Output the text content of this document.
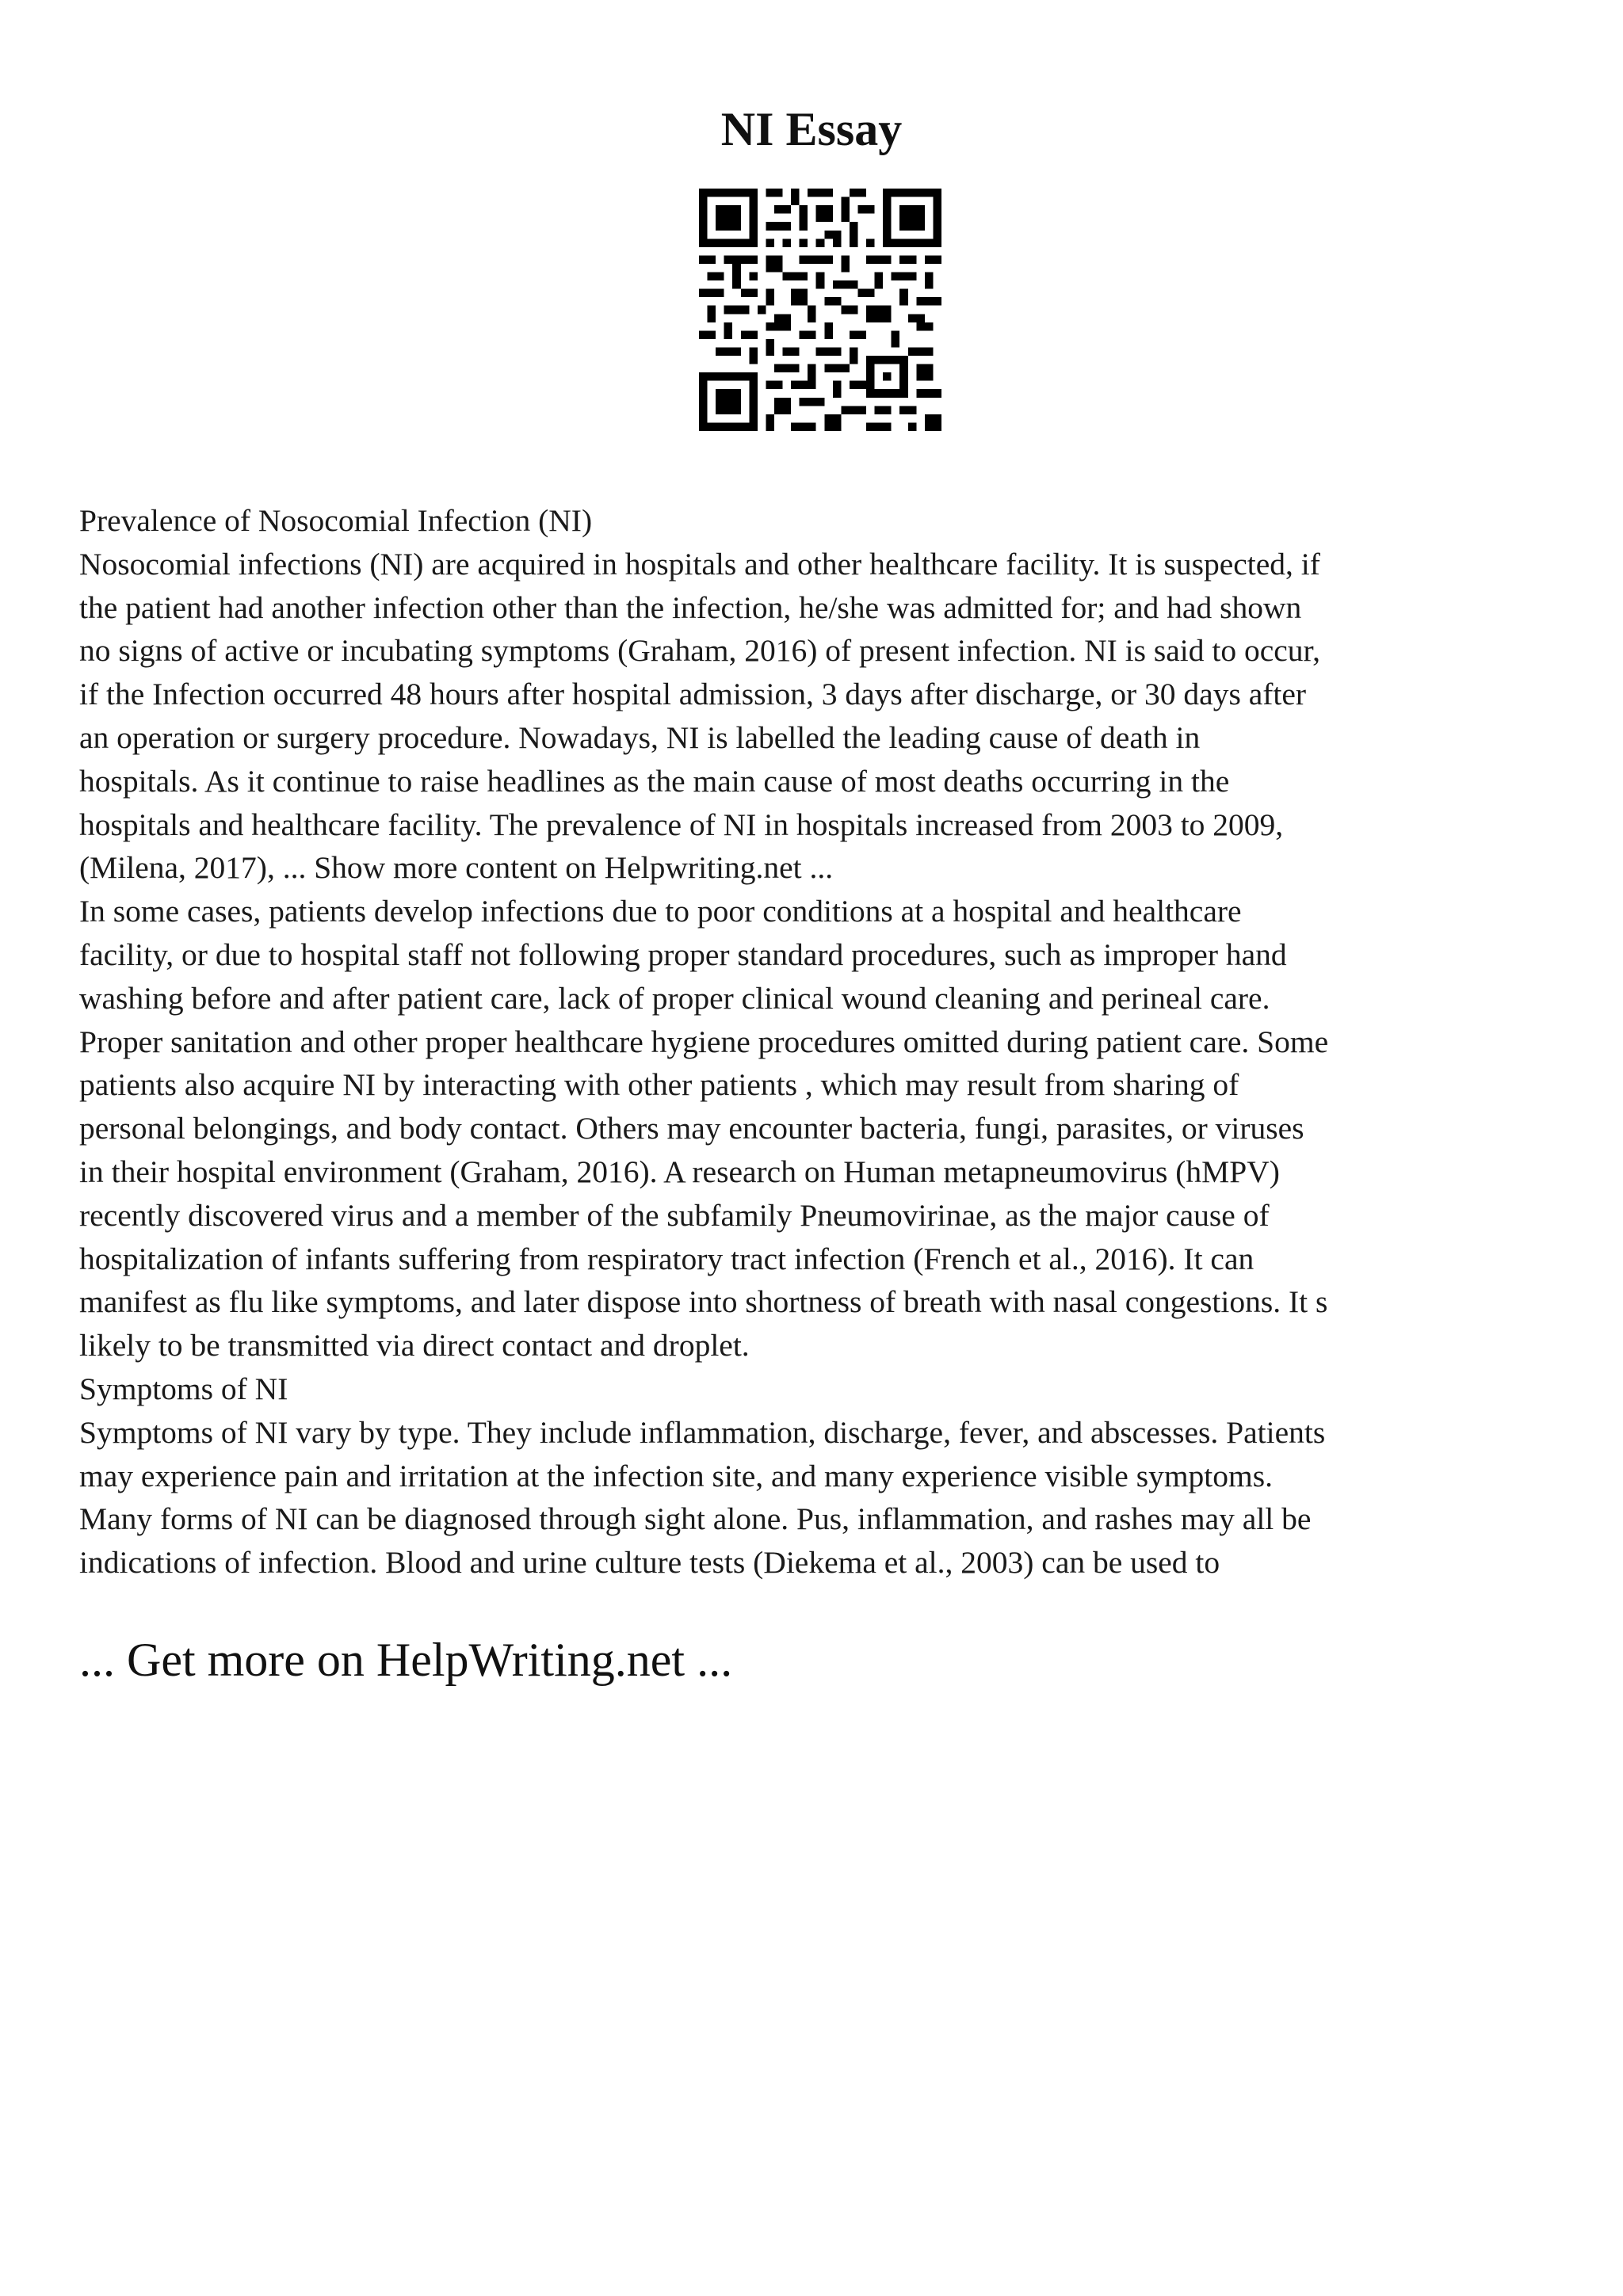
NI Essay
Prevalence of Nosocomial Infection (NI)
Nosocomial infections (NI) are acquired in hospitals and other healthcare facility. It is suspected, if
the patient had another infection other than the infection, he/she was admitted for; and had shown
no signs of active or incubating symptoms (Graham, 2016) of present infection. NI is said to occur,
if the Infection occurred 48 hours after hospital admission, 3 days after discharge, or 30 days after
an operation or surgery procedure. Nowadays, NI is labelled the leading cause of death in
hospitals. As it continue to raise headlines as the main cause of most deaths occurring in the
hospitals and healthcare facility. The prevalence of NI in hospitals increased from 2003 to 2009,
(Milena, 2017), ... Show more content on Helpwriting.net ...
In some cases, patients develop infections due to poor conditions at a hospital and healthcare
facility, or due to hospital staff not following proper standard procedures, such as improper hand
washing before and after patient care, lack of proper clinical wound cleaning and perineal care.
Proper sanitation and other proper healthcare hygiene procedures omitted during patient care. Some
patients also acquire NI by interacting with other patients , which may result from sharing of
personal belongings, and body contact. Others may encounter bacteria, fungi, parasites, or viruses
in their hospital environment (Graham, 2016). A research on Human metapneumovirus (hMPV)
recently discovered virus and a member of the subfamily Pneumovirinae, as the major cause of
hospitalization of infants suffering from respiratory tract infection (French et al., 2016). It can
manifest as flu like symptoms, and later dispose into shortness of breath with nasal congestions. It s
likely to be transmitted via direct contact and droplet.
Symptoms of NI
Symptoms of NI vary by type. They include inflammation, discharge, fever, and abscesses. Patients
may experience pain and irritation at the infection site, and many experience visible symptoms.
Many forms of NI can be diagnosed through sight alone. Pus, inflammation, and rashes may all be
indications of infection. Blood and urine culture tests (Diekema et al., 2003) can be used to
... Get more on HelpWriting.net ...
